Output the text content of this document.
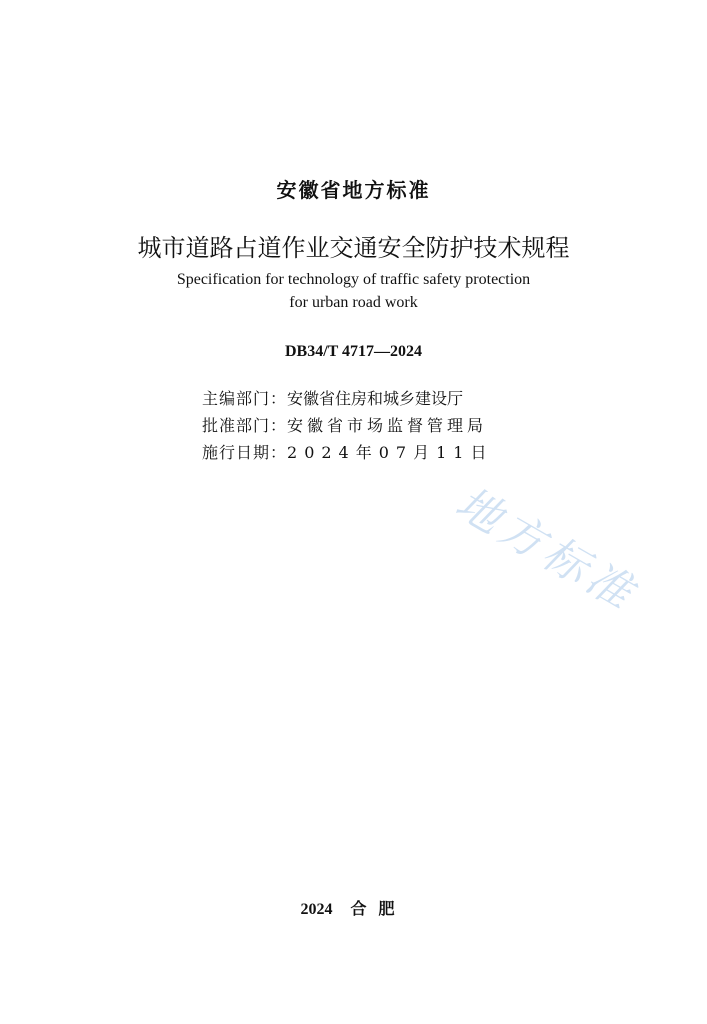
安徽省地方标准
城市道路占道作业交通安全防护技术规程
Specification for technology of traffic safety protection
for urban road work
DB34/T 4717—2024
主编部门：安徽省住房和城乡建设厅
批准部门：安徽省市场监督管理局
施行日期：2024年07月11日
地方标准
2024 合肥
